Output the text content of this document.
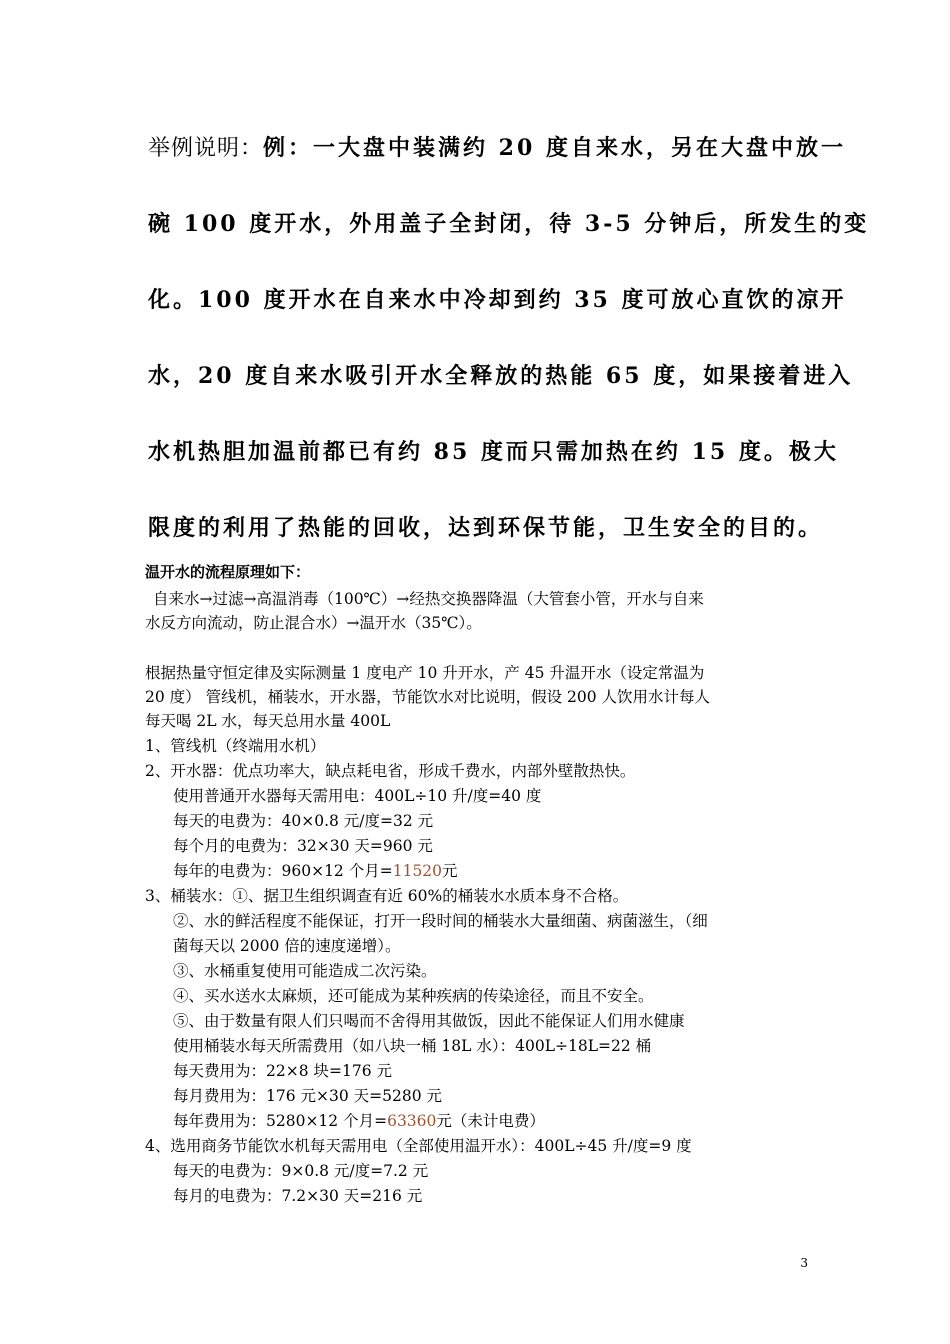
举例说明：例：一大盘中装满约 20 度自来水，另在大盘中放一
碗 100 度开水，外用盖子全封闭，待 3-5 分钟后，所发生的变
化。100 度开水在自来水中冷却到约 35 度可放心直饮的凉开
水，20 度自来水吸引开水全释放的热能 65 度，如果接着进入
水机热胆加温前都已有约 85 度而只需加热在约 15 度。极大
限度的利用了热能的回收，达到环保节能，卫生安全的目的。
温开水的流程原理如下：
自来水→过滤→高温消毒（100℃）→经热交换器降温（大管套小管，开水与自来
水反方向流动，防止混合水）→温开水（35℃）。
根据热量守恒定律及实际测量 1 度电产 10 升开水，产 45 升温开水（设定常温为
20 度） 管线机，桶装水，开水器，节能饮水对比说明，假设 200 人饮用水计每人
每天喝 2L 水，每天总用水量 400L
1、管线机（终端用水机）
2、开水器：优点功率大，缺点耗电省，形成千费水，内部外壁散热快。
使用普通开水器每天需用电：400L÷10 升/度=40 度
每天的电费为：40×0.8 元/度=32 元
每个月的电费为：32×30 天=960 元
每年的电费为：960×12 个月=11520元
3、桶装水：①、据卫生组织调查有近 60%的桶装水水质本身不合格。
②、水的鲜活程度不能保证，打开一段时间的桶装水大量细菌、病菌滋生，（细
菌每天以 2000 倍的速度递增）。
③、水桶重复使用可能造成二次污染。
④、买水送水太麻烦，还可能成为某种疾病的传染途径，而且不安全。
⑤、由于数量有限人们只喝而不舍得用其做饭，因此不能保证人们用水健康
使用桶装水每天所需费用（如八块一桶 18L 水）：400L÷18L=22 桶
每天费用为：22×8 块=176 元
每月费用为：176 元×30 天=5280 元
每年费用为：5280×12 个月=63360元（未计电费）
4、选用商务节能饮水机每天需用电（全部使用温开水）：400L÷45 升/度=9 度
每天的电费为：9×0.8 元/度=7.2 元
每月的电费为：7.2×30 天=216 元
3
